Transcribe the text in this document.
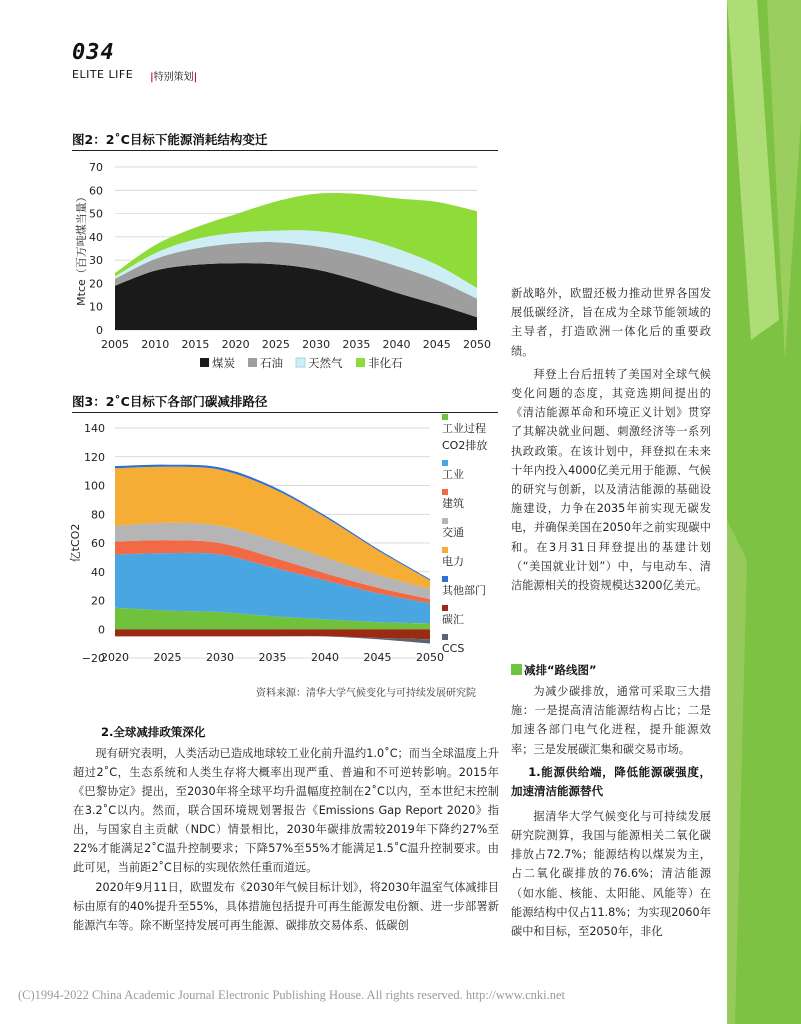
034
ELITE LIFE |特别策划|
图2：2˚C目标下能源消耗结构变迁
0
10
20
30
40
50
60
70
2005 2010 2015 2020 2025 2030 2035 2040 2045 2050
Mtce（百万吨煤当量）
煤炭 石油 天然气 非化石
图3：2˚C目标下各部门碳减排路径
−20
0
20
40
60
80
100
120
140
2020 2025 2030 2035 2040 2045 2050
亿tCO2
工业过程
CO2排放
工业
建筑
交通
电力
其他部门
碳汇
CCS
资料来源：清华大学气候变化与可持续发展研究院
2.全球减排政策深化

现有研究表明，人类活动已造成地球较工业化前升温约1.0˚C；而当全球温度上升超过2˚C，生态系统和人类生存将大概率出现严重、普遍和不可逆转影响。2015年《巴黎协定》提出，至2030年将全球平均升温幅度控制在2˚C以内，至本世纪末控制在3.2˚C以内。然而，联合国环境规划署报告《Emissions Gap Report 2020》指出，与国家自主贡献（NDC）情景相比，2030年碳排放需较2019年下降约27%至22%才能满足2˚C温升控制要求；下降57%至55%才能满足1.5˚C温升控制要求。由此可见，当前距2˚C目标的实现依然任重而道远。

2020年9月11日，欧盟发布《2030年气候目标计划》，将2030年温室气体减排目标由原有的40%提升至55%，具体措施包括提升可再生能源发电份额、进一步部署新能源汽车等。除不断坚持发展可再生能源、碳排放交易体系、低碳创

新战略外，欧盟还极力推动世界各国发展低碳经济，旨在成为全球节能领域的主导者，打造欧洲一体化后的重要政绩。

拜登上台后扭转了美国对全球气候变化问题的态度，其竞选期间提出的《清洁能源革命和环境正义计划》贯穿了其解决就业问题、刺激经济等一系列执政政策。在该计划中，拜登拟在未来十年内投入4000亿美元用于能源、气候的研究与创新，以及清洁能源的基础设施建设，力争在2035年前实现无碳发电，并确保美国在2050年之前实现碳中和。在3月31日拜登提出的基建计划（“美国就业计划”）中，与电动车、清洁能源相关的投资规模达3200亿美元。

减排“路线图”

为减少碳排放，通常可采取三大措施：一是提高清洁能源结构占比；二是加速各部门电气化进程，提升能源效率；三是发展碳汇集和碳交易市场。

1.能源供给端，降低能源碳强度，加速清洁能源替代

据清华大学气候变化与可持续发展研究院测算，我国与能源相关二氧化碳排放占72.7%；能源结构以煤炭为主，占二氧化碳排放的76.6%；清洁能源（如水能、核能、太阳能、风能等）在能源结构中仅占11.8%；为实现2060年碳中和目标，至2050年，非化

(C)1994-2022 China Academic Journal Electronic Publishing House. All rights reserved. http://www.cnki.net
